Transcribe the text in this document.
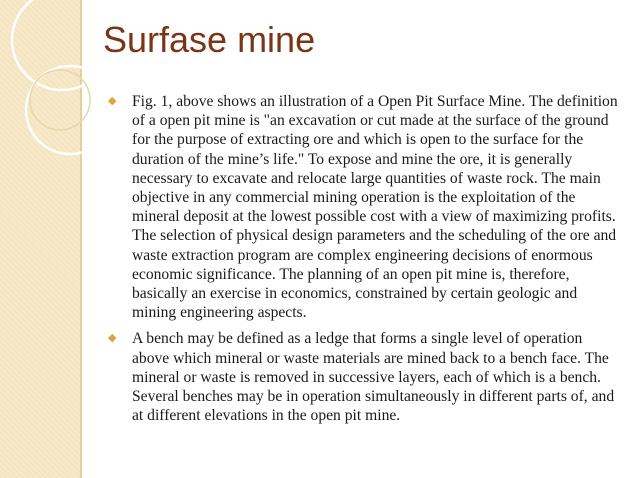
Surfase mine
◆ Fig. 1, above shows an illustration of a Open Pit Surface Mine. The definition of a open pit mine is "an excavation or cut made at the surface of the ground for the purpose of extracting ore and which is open to the surface for the duration of the mine’s life." To expose and mine the ore, it is generally necessary to excavate and relocate large quantities of waste rock. The main objective in any commercial mining operation is the exploitation of the mineral deposit at the lowest possible cost with a view of maximizing profits. The selection of physical design parameters and the scheduling of the ore and waste extraction program are complex engineering decisions of enormous economic significance. The planning of an open pit mine is, therefore, basically an exercise in economics, constrained by certain geologic and mining engineering aspects.
◆ A bench may be defined as a ledge that forms a single level of operation above which mineral or waste materials are mined back to a bench face. The mineral or waste is removed in successive layers, each of which is a bench. Several benches may be in operation simultaneously in different parts of, and at different elevations in the open pit mine.
